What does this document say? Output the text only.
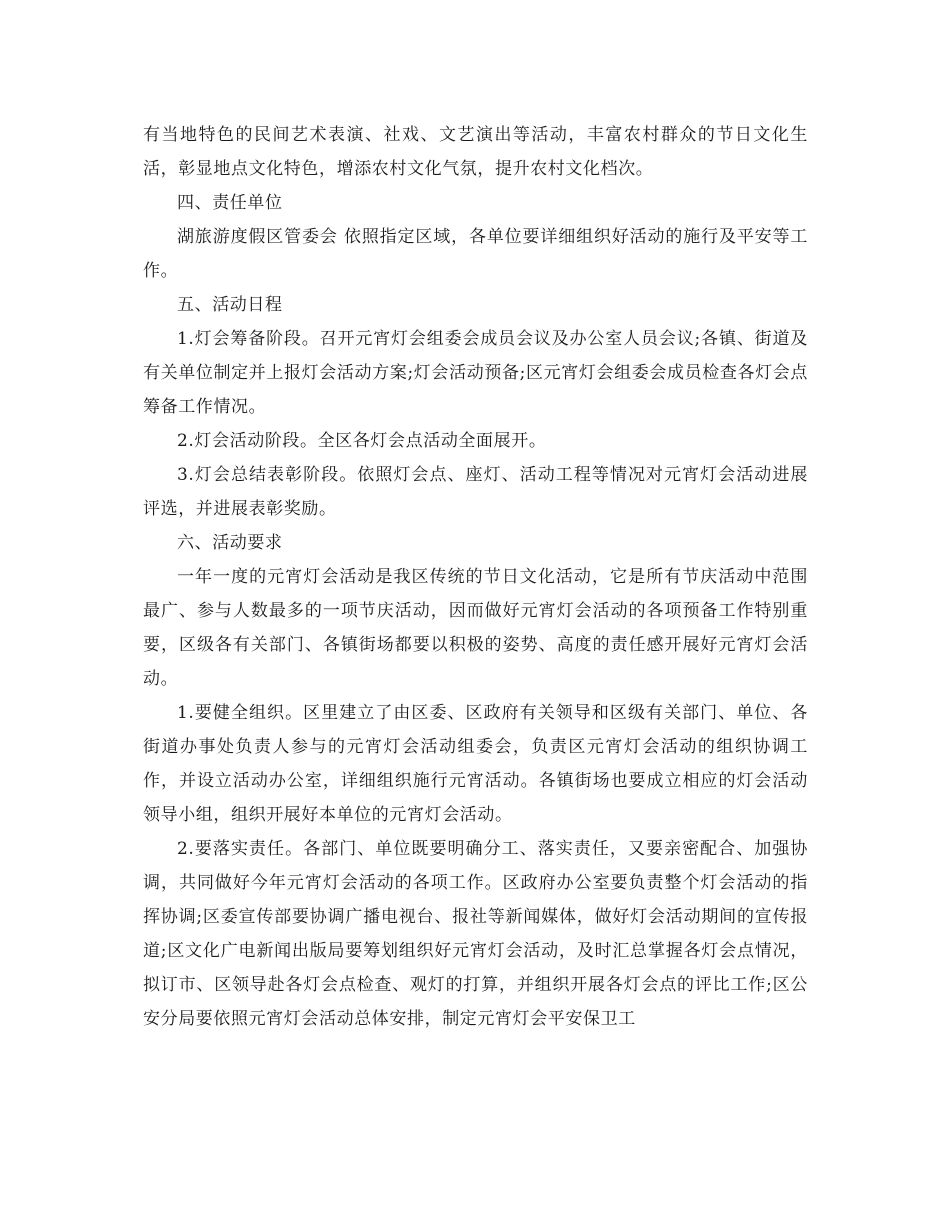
有当地特色的民间艺术表演、社戏、文艺演出等活动，丰富农村群众的节日文化生活，彰显地点文化特色，增添农村文化气氛，提升农村文化档次。

四、责任单位

湖旅游度假区管委会 依照指定区域，各单位要详细组织好活动的施行及平安等工作。

五、活动日程

1.灯会筹备阶段。召开元宵灯会组委会成员会议及办公室人员会议;各镇、街道及有关单位制定并上报灯会活动方案;灯会活动预备;区元宵灯会组委会成员检查各灯会点筹备工作情况。

2.灯会活动阶段。全区各灯会点活动全面展开。

3.灯会总结表彰阶段。依照灯会点、座灯、活动工程等情况对元宵灯会活动进展评选，并进展表彰奖励。

六、活动要求

一年一度的元宵灯会活动是我区传统的节日文化活动，它是所有节庆活动中范围最广、参与人数最多的一项节庆活动，因而做好元宵灯会活动的各项预备工作特别重要，区级各有关部门、各镇街场都要以积极的姿势、高度的责任感开展好元宵灯会活动。

1.要健全组织。区里建立了由区委、区政府有关领导和区级有关部门、单位、各街道办事处负责人参与的元宵灯会活动组委会，负责区元宵灯会活动的组织协调工作，并设立活动办公室，详细组织施行元宵活动。各镇街场也要成立相应的灯会活动领导小组，组织开展好本单位的元宵灯会活动。

2.要落实责任。各部门、单位既要明确分工、落实责任，又要亲密配合、加强协调，共同做好今年元宵灯会活动的各项工作。区政府办公室要负责整个灯会活动的指挥协调;区委宣传部要协调广播电视台、报社等新闻媒体，做好灯会活动期间的宣传报道;区文化广电新闻出版局要筹划组织好元宵灯会活动，及时汇总掌握各灯会点情况，拟订市、区领导赴各灯会点检查、观灯的打算，并组织开展各灯会点的评比工作;区公安分局要依照元宵灯会活动总体安排，制定元宵灯会平安保卫工
